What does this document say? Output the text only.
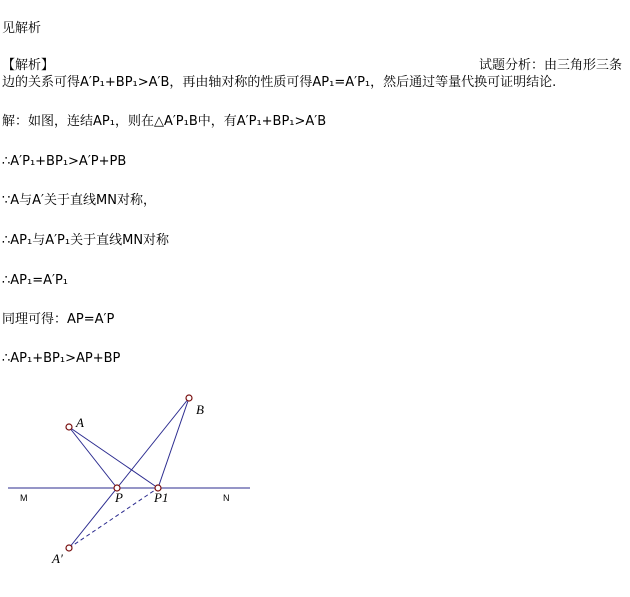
见解析
【解析】	试题分析：由三角形三条
边的关系可得A′P₁+BP₁>A′B，再由轴对称的性质可得AP₁=A′P₁，然后通过等量代换可证明结论.
解：如图，连结AP₁，则在△A′P₁B中，有A′P₁+BP₁>A′B
∴A′P₁+BP₁>A′P+PB
∵A与A′关于直线MN对称，
∴AP₁与A′P₁关于直线MN对称
∴AP₁=A′P₁
同理可得：AP=A′P
∴AP₁+BP₁>AP+BP
A
B
P P1
A′
M	N
